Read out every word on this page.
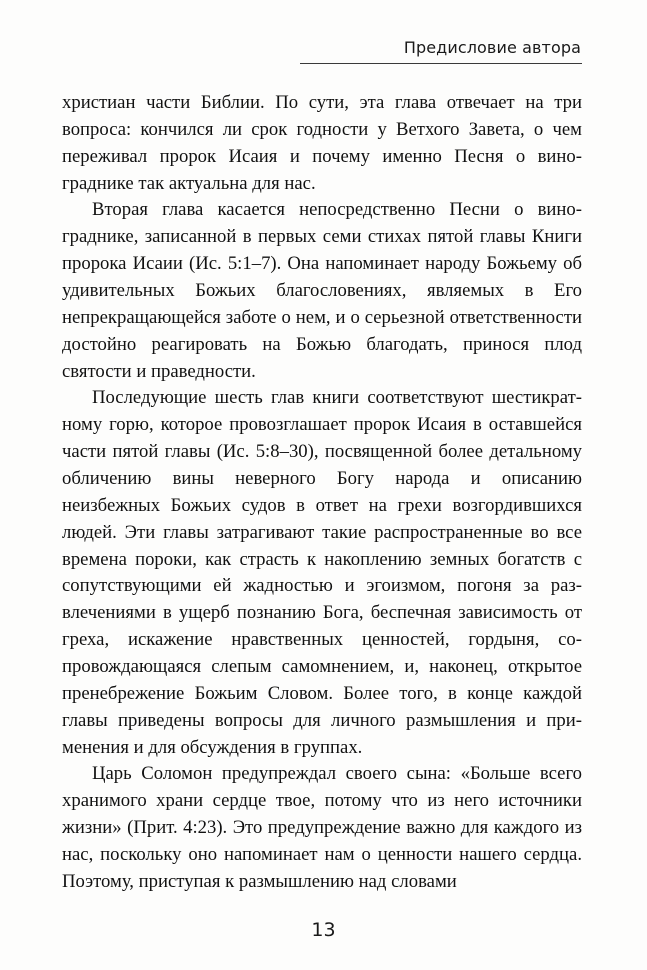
Предисловие автора

христиан части Библии. По сути, эта глава отвечает на три вопроса: кончился ли срок годности у Ветхого Завета, о чем переживал пророк Исаия и почему именно Песня о винограднике так актуальна для нас.

Вторая глава касается непосредственно Песни о винограднике, записанной в первых семи стихах пятой главы Книги пророка Исаии (Ис. 5:1–7). Она напоминает народу Божьему об удивительных Божьих благословениях, являемых в Его непрекращающейся заботе о нем, и о серьезной ответственности достойно реагировать на Божью благодать, принося плод святости и праведности.

Последующие шесть глав книги соответствуют шестикратному горю, которое провозглашает пророк Исаия в оставшейся части пятой главы (Ис. 5:8–30), посвященной более детальному обличению вины неверного Богу народа и описанию неизбежных Божьих судов в ответ на грехи возгордившихся людей. Эти главы затрагивают такие распространенные во все времена пороки, как страсть к накоплению земных богатств с сопутствующими ей жадностью и эгоизмом, погоня за развлечениями в ущерб познанию Бога, беспечная зависимость от греха, искажение нравственных ценностей, гордыня, сопровождающаяся слепым самомнением, и, наконец, открытое пренебрежение Божьим Словом. Более того, в конце каждой главы приведены вопросы для личного размышления и применения и для обсуждения в группах.

Царь Соломон предупреждал своего сына: «Больше всего хранимого храни сердце твое, потому что из него источники жизни» (Прит. 4:23). Это предупреждение важно для каждого из нас, поскольку оно напоминает нам о ценности нашего сердца. Поэтому, приступая к размышлению над словами

13
